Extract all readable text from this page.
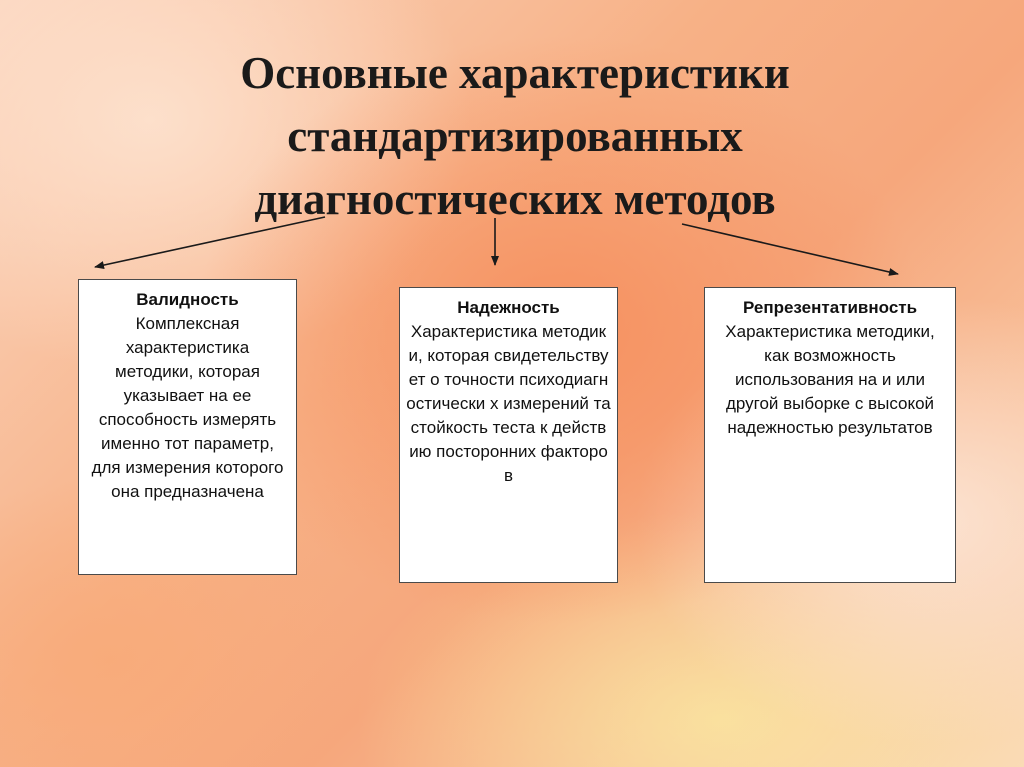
Основные характеристики
стандартизированных
диагностических методов
Валидность
Комплексная характеристика методики, которая указывает на ее способность измерять именно тот параметр, для измерения которого она предназначена
Надежность
Характеристика методики, которая свидетельствует о точности психодиагностически х измерений та стойкость теста к действию посторонних факторов
Репрезентативность
Характеристика методики, как возможность использования на и или другой выборке с высокой надежностью результатов
